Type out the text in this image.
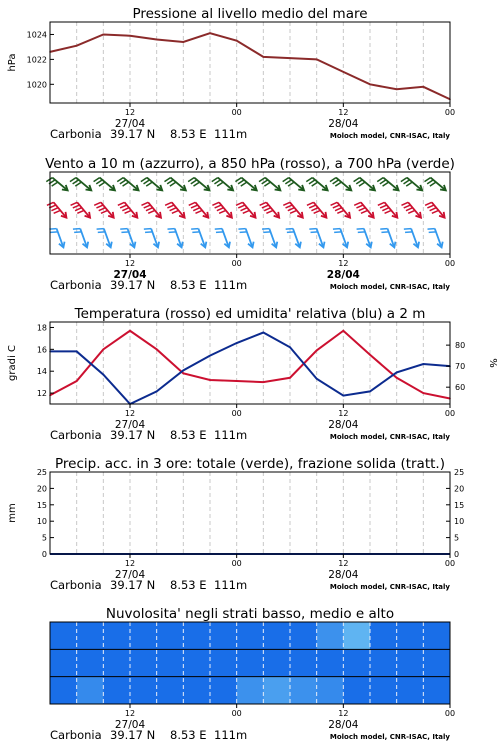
Pressione al livello medio del mare
1020
1022
1024
hPa
12
27/04
00	12
28/04
00
Carbonia 39.17 N 8.53 E 111m	Moloch model, CNR-ISAC, Italy
Vento a 10 m (azzurro), a 850 hPa (rosso), a 700 hPa (verde)
12
27/04
00	12
28/04
00
Carbonia 39.17 N 8.53 E 111m	Moloch model, CNR-ISAC, Italy
Temperatura (rosso) ed umidita' relativa (blu) a 2 m
12
14
16
18
gradi C
60
70
80
%
12
27/04
00	12
28/04
00
Carbonia 39.17 N 8.53 E 111m	Moloch model, CNR-ISAC, Italy
Precip. acc. in 3 ore: totale (verde), frazione solida (tratt.)
0	0
5	5
10	10
15	15
20	20
25	25
mm
12
27/04
00	12
28/04
00
Carbonia 39.17 N 8.53 E 111m	Moloch model, CNR-ISAC, Italy
Nuvolosita' negli strati basso, medio e alto
12
27/04
00	12
28/04
00
Carbonia 39.17 N 8.53 E 111m	Moloch model, CNR-ISAC, Italy
